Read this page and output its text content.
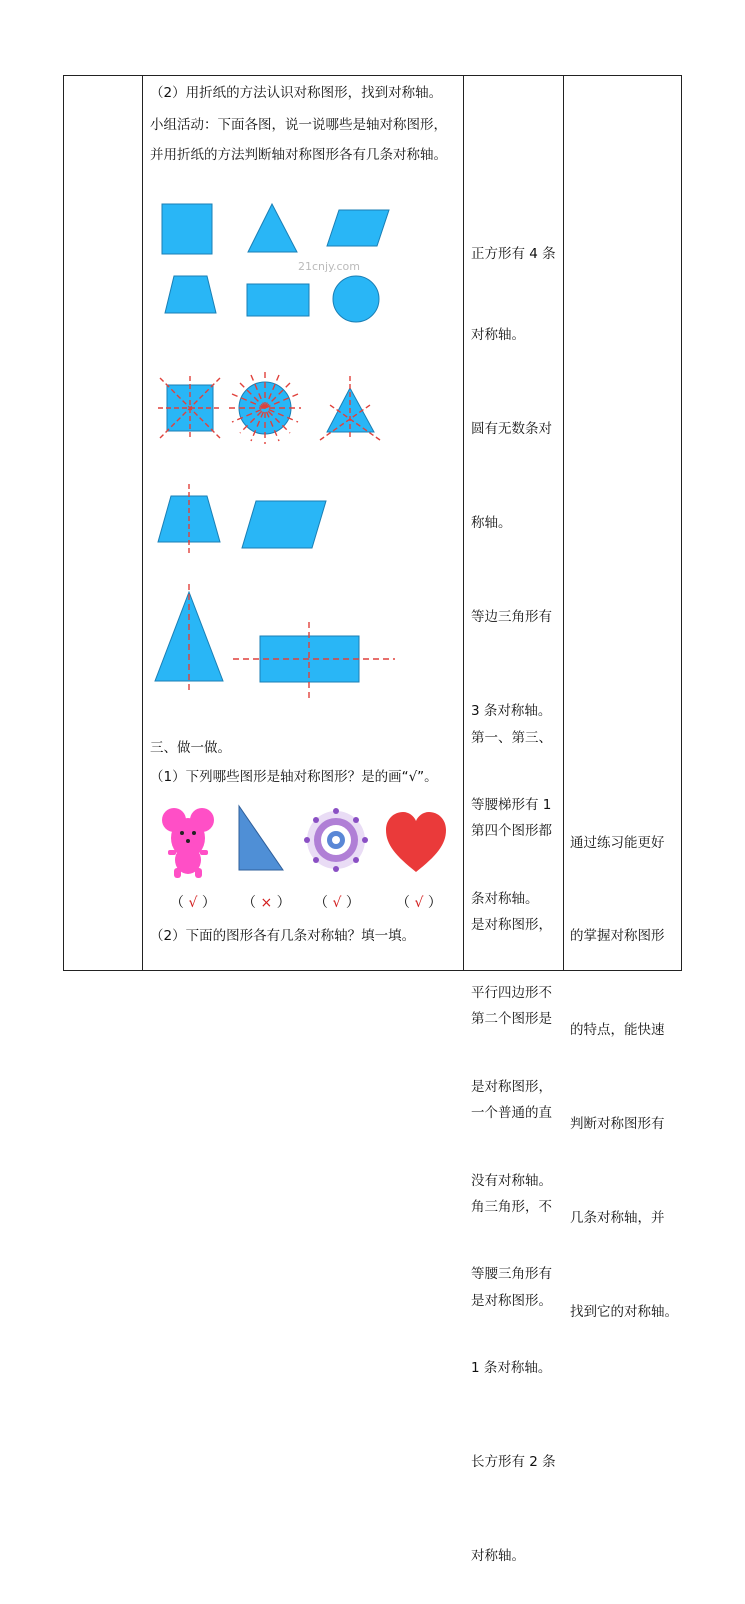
（2）用折纸的方法认识对称图形，找到对称轴。
小组活动：下面各图，说一说哪些是轴对称图形，
并用折纸的方法判断轴对称图形各有几条对称轴。
21cnjy.com
三、做一做。
（1）下列哪些图形是轴对称图形？是的画“√”。
（ √ ） （ × ） （ √ ）	（ √ ）
（2）下面的图形各有几条对称轴？填一填。

正方形有 4 条

对称轴。

圆有无数条对

称轴。

等边三角形有

3 条对称轴。

等腰梯形有 1

条对称轴。

平行四边形不

是对称图形，

没有对称轴。

等腰三角形有

1 条对称轴。

长方形有 2 条

对称轴。

第一、第三、

第四个图形都

是对称图形，

第二个图形是

一个普通的直

角三角形，不

是对称图形。

通过练习能更好

的掌握对称图形

的特点，能快速

判断对称图形有

几条对称轴，并

找到它的对称轴。
